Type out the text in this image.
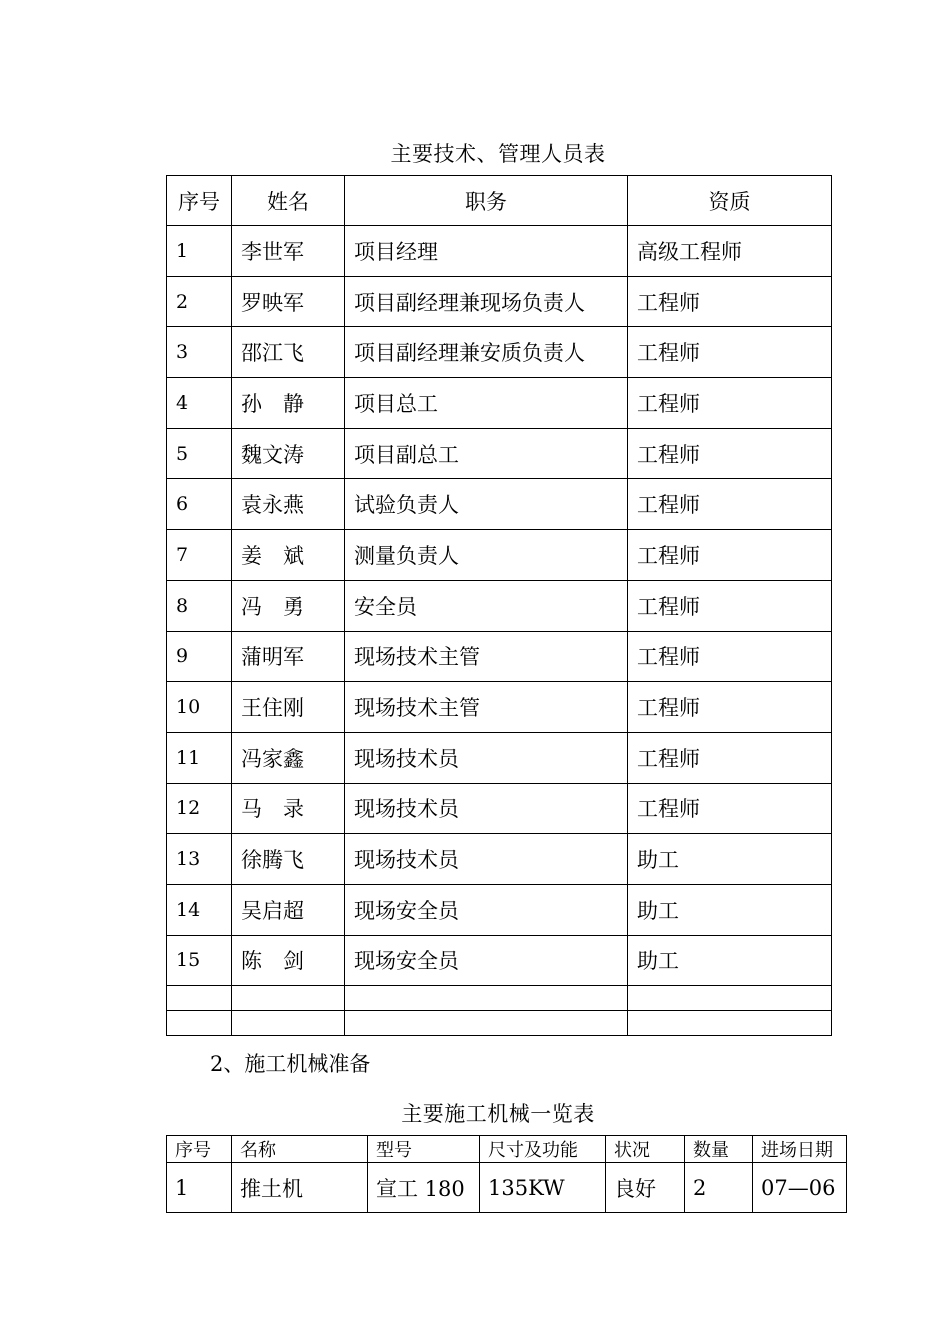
主要技术、管理人员表
序号	姓名	职务	资质
1	李世军	项目经理	高级工程师
2	罗映军	项目副经理兼现场负责人	工程师
3	邵江飞	项目副经理兼安质负责人	工程师
4	孙　静	项目总工	工程师
5	魏文涛	项目副总工	工程师
6	袁永燕	试验负责人	工程师
7	姜　斌	测量负责人	工程师
8	冯　勇	安全员	工程师
9	蒲明军	现场技术主管	工程师
10	王住刚	现场技术主管	工程师
11	冯家鑫	现场技术员	工程师
12	马　录	现场技术员	工程师
13	徐腾飞	现场技术员	助工
14	吴启超	现场安全员	助工
15	陈　剑	现场安全员	助工

2、施工机械准备
主要施工机械一览表
序号	名称	型号	尺寸及功能	状况	数量	进场日期
1	推土机	宣工 180	135KW	良好	2	07—06
